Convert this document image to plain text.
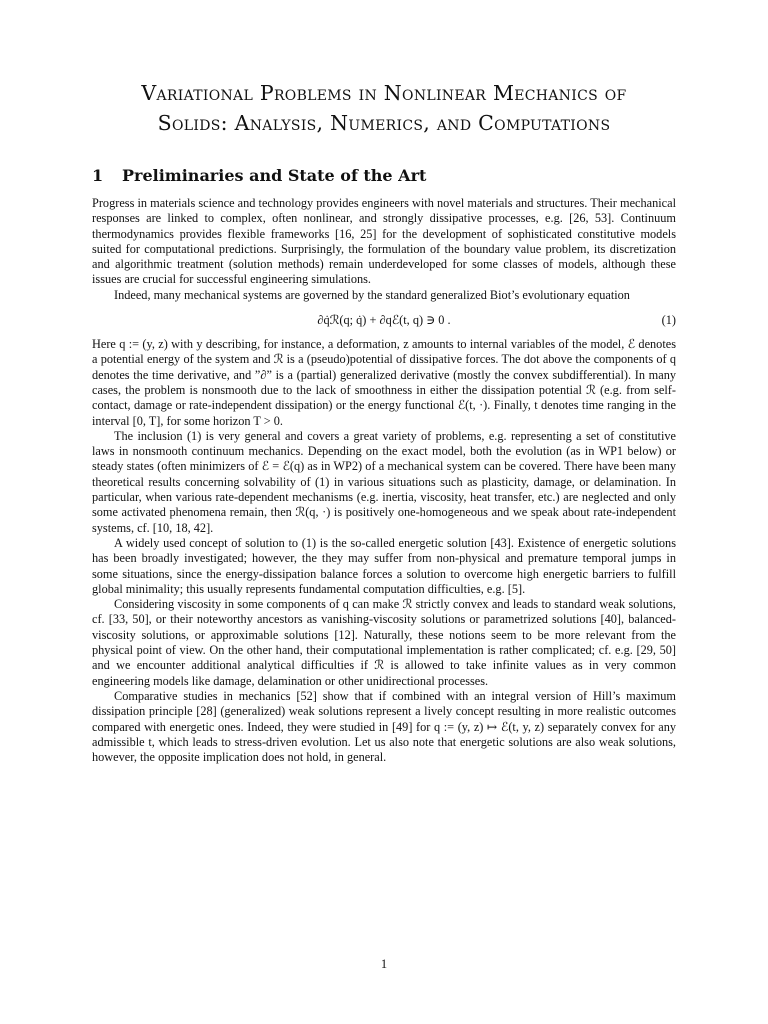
Variational Problems in Nonlinear Mechanics of
Solids: Analysis, Numerics, and Computations
1 Preliminaries and State of the Art

Progress in materials science and technology provides engineers with novel materials and structures. Their mechanical responses are linked to complex, often nonlinear, and strongly dissipative processes, e.g. [26, 53]. Continuum thermodynamics provides flexible frameworks [16, 25] for the development of sophisticated constitutive models suited for computational predictions. Surprisingly, the formulation of the boundary value problem, its discretization and algorithmic treatment (solution methods) remain underdeveloped for some classes of models, although these issues are crucial for successful engineering simulations.

Indeed, many mechanical systems are governed by the standard generalized Biot’s evolutionary equation

∂q̇ℛ(q; q̇) + ∂qℰ(t, q) ∋ 0 .	(1)

Here q := (y, z) with y describing, for instance, a deformation, z amounts to internal variables of the model, ℰ denotes a potential energy of the system and ℛ is a (pseudo)potential of dissipative forces. The dot above the components of q denotes the time derivative, and ”∂” is a (partial) generalized derivative (mostly the convex subdifferential). In many cases, the problem is nonsmooth due to the lack of smoothness in either the dissipation potential ℛ (e.g. from self-contact, damage or rate-independent dissipation) or the energy functional ℰ(t, ·). Finally, t denotes time ranging in the interval [0, T], for some horizon T > 0.

The inclusion (1) is very general and covers a great variety of problems, e.g. representing a set of constitutive laws in nonsmooth continuum mechanics. Depending on the exact model, both the evolution (as in WP1 below) or steady states (often minimizers of ℰ = ℰ(q) as in WP2) of a mechanical system can be covered. There have been many theoretical results concerning solvability of (1) in various situations such as plasticity, damage, or delamination. In particular, when various rate-dependent mechanisms (e.g. inertia, viscosity, heat transfer, etc.) are neglected and only some activated phenomena remain, then ℛ(q, ·) is positively one-homogeneous and we speak about rate-independent systems, cf. [10, 18, 42].

A widely used concept of solution to (1) is the so-called energetic solution [43]. Existence of energetic solutions has been broadly investigated; however, the they may suffer from non-physical and premature temporal jumps in some situations, since the energy-dissipation balance forces a solution to overcome high energetic barriers to fulfill global minimality; this usually represents fundamental computation difficulties, e.g. [5].

Considering viscosity in some components of q can make ℛ strictly convex and leads to standard weak solutions, cf. [33, 50], or their noteworthy ancestors as vanishing-viscosity solutions or parametrized solutions [40], balanced-viscosity solutions, or approximable solutions [12]. Naturally, these notions seem to be more relevant from the physical point of view. On the other hand, their computational implementation is rather complicated; cf. e.g. [29, 50] and we encounter additional analytical difficulties if ℛ is allowed to take infinite values as in very common engineering models like damage, delamination or other unidirectional processes.

Comparative studies in mechanics [52] show that if combined with an integral version of Hill’s maximum dissipation principle [28] (generalized) weak solutions represent a lively concept resulting in more realistic outcomes compared with energetic ones. Indeed, they were studied in [49] for q := (y, z) ↦ ℰ(t, y, z) separately convex for any admissible t, which leads to stress-driven evolution. Let us also note that energetic solutions are also weak solutions, however, the opposite implication does not hold, in general.

1
